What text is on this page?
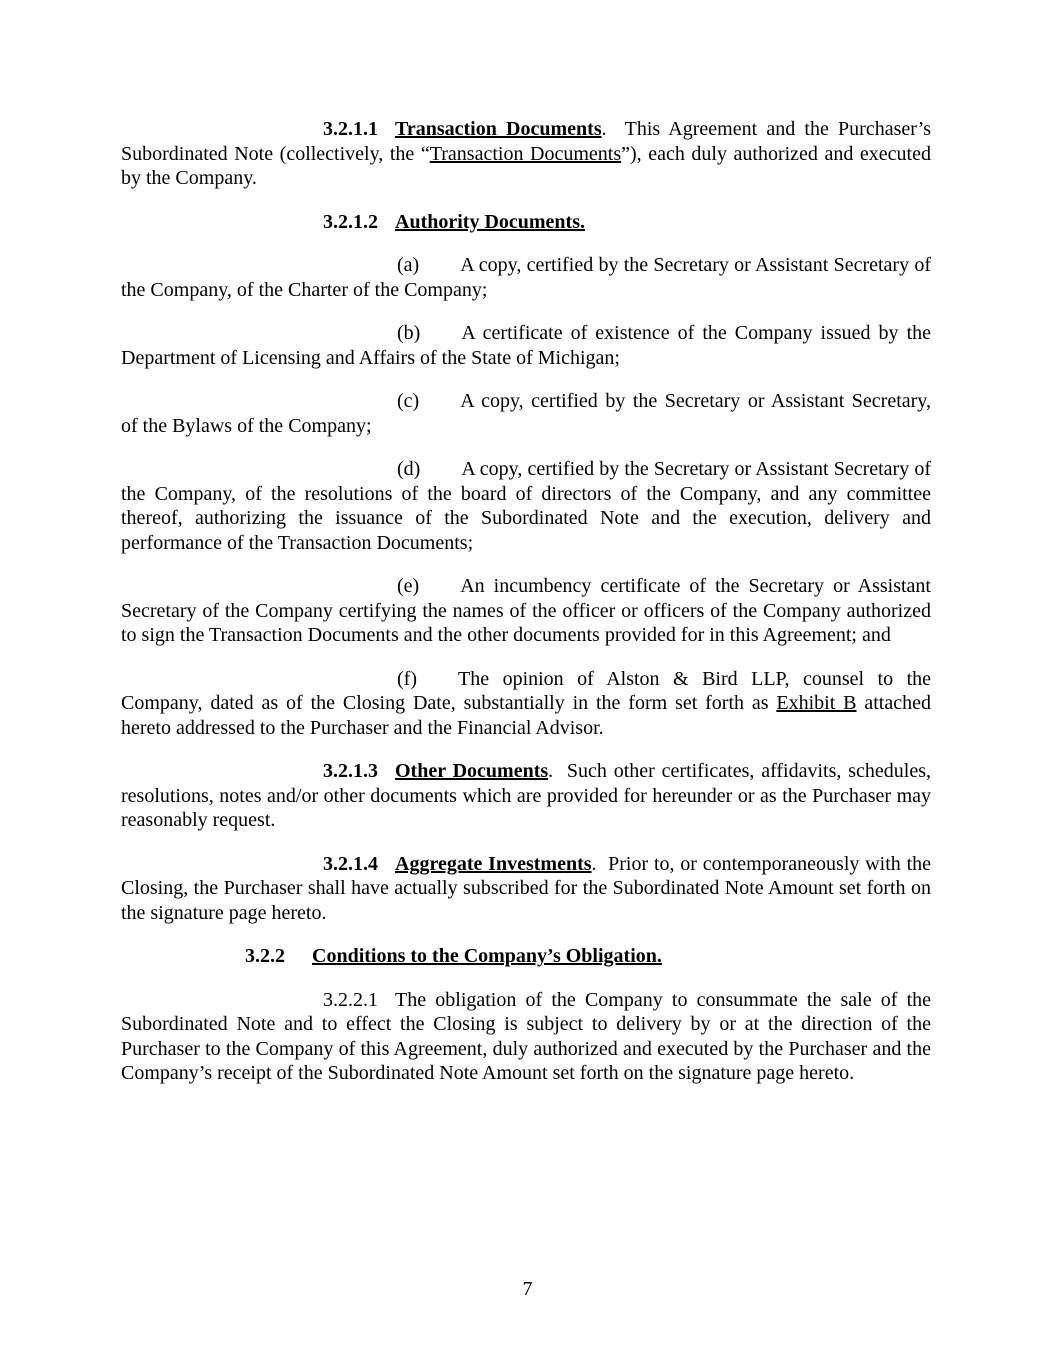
3.2.1.1 Transaction Documents.  This Agreement and the Purchaser’s Subordinated Note (collectively, the “Transaction Documents”), each duly authorized and executed by the Company.

3.2.1.2 Authority Documents.

(a) A copy, certified by the Secretary or Assistant Secretary of the Company, of the Charter of the Company;

(b) A certificate of existence of the Company issued by the Department of Licensing and Affairs of the State of Michigan;

(c) A copy, certified by the Secretary or Assistant Secretary, of the Bylaws of the Company;

(d) A copy, certified by the Secretary or Assistant Secretary of the Company, of the resolutions of the board of directors of the Company, and any committee thereof, authorizing the issuance of the Subordinated Note and the execution, delivery and performance of the Transaction Documents;

(e) An incumbency certificate of the Secretary or Assistant Secretary of the Company certifying the names of the officer or officers of the Company authorized to sign the Transaction Documents and the other documents provided for in this Agreement; and

(f) The opinion of Alston & Bird LLP, counsel to the Company, dated as of the Closing Date, substantially in the form set forth as Exhibit B attached hereto addressed to the Purchaser and the Financial Advisor.

3.2.1.3 Other Documents.  Such other certificates, affidavits, schedules, resolutions, notes and/or other documents which are provided for hereunder or as the Purchaser may reasonably request.

3.2.1.4 Aggregate Investments.  Prior to, or contemporaneously with the Closing, the Purchaser shall have actually subscribed for the Subordinated Note Amount set forth on the signature page hereto.

3.2.2 Conditions to the Company’s Obligation.

3.2.2.1 The obligation of the Company to consummate the sale of the Subordinated Note and to effect the Closing is subject to delivery by or at the direction of the Purchaser to the Company of this Agreement, duly authorized and executed by the Purchaser and the Company’s receipt of the Subordinated Note Amount set forth on the signature page hereto.

7
